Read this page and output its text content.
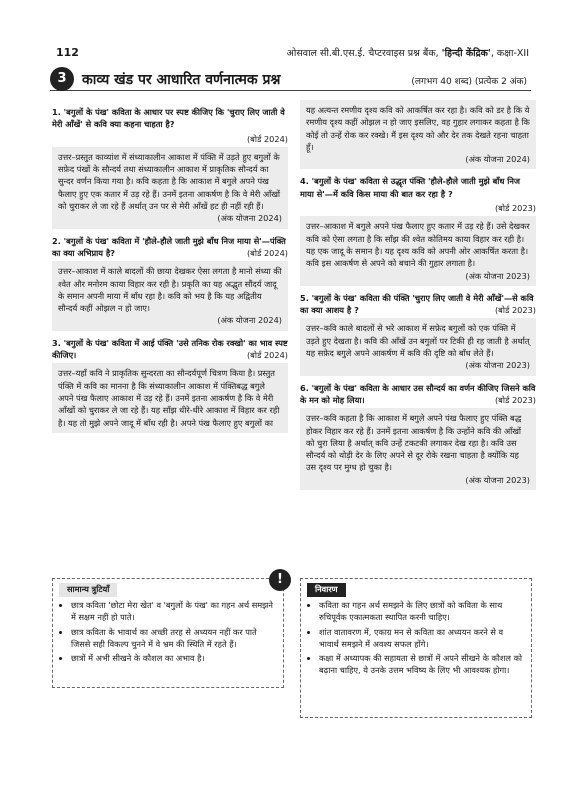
112	ओसवाल सी.बी.एस.ई. चैप्टरवाइस प्रश्न बैंक, 'हिन्दी केंद्रिक', कक्षा-XII
3	काव्य खंड पर आधारित वर्णनात्मक प्रश्न	(लगभग 40 शब्द) (प्रत्येक 2 अंक)
1. 'बगुलों के पंख' कविता के आधार पर स्पष्ट कीजिए कि 'चुराए लिए जाती वे मेरी आँखें' से कवि क्या कहना चाहता है?
(बोर्ड 2024)
उत्तर–प्रस्तुत काव्यांश में संध्याकालीन आकाश में पंक्ति में उड़ते हुए बगुलों के सफ़ेद पंखों के सौन्दर्य तथा संध्याकालीन आकाश में प्राकृतिक सौन्दर्य का सुन्दर वर्णन किया गया है। कवि कहता है कि आकाश में बगुले अपने पंख फैलाए हुए एक कतार में उड़ रहे हैं। उनमें इतना आकर्षण है कि वे मेरी आँखों को चुराकर ले जा रहे हैं अर्थात् उन पर से मेरी आँखें हट ही नहीं रही हैं।
(अंक योजना 2024)
2. 'बगुलों के पंख' कविता में 'हौले-हौले जाती मुझे बाँध निज माया से'—पंक्ति का क्या अभिप्राय है?	(बोर्ड 2024)
उत्तर–आकाश में काले बादलों की छाया देखकर ऐसा लगता है मानो संध्या की श्वेत और मनोरम काया विहार कर रही है। प्रकृति का यह अद्भुत सौंदर्य जादू के समान अपनी माया में बाँध रहा है। कवि को भय है कि यह अद्वितीय सौन्दर्य कहीं ओझल न हो जाए।
(अंक योजना 2024)
3. 'बगुलों के पंख' कविता में आई पंक्ति 'उसे तनिक रोक रक्खो' का भाव स्पष्ट कीजिए।	(बोर्ड 2024)
उत्तर–यहाँ कवि ने प्राकृतिक सुन्दरता का सौन्दर्यपूर्ण चित्रण किया है। प्रस्तुत पंक्ति में कवि का मानना है कि संध्याकालीन आकाश में पंक्तिबद्ध बगुले अपने पंख फैलाए आकाश में उड़ रहे हैं। उनमें इतना आकर्षण है कि वे मेरी आँखों को चुराकर ले जा रहे हैं। यह साँझ धीरे-धीरे आकाश में विहार कर रही है। यह तो मुझे अपने जादू में बाँध रही है। अपने पंख फैलाए हुए बगुलों का
यह अत्यन्त रमणीय दृश्य कवि को आकर्षित कर रहा है। कवि को डर है कि ये रमणीय दृश्य कहीं ओझल न हो जाए इसलिए, वह गुहार लगाकर कहता है कि कोई तो उन्हें रोक कर रक्खे। मैं इस दृश्य को और देर तक देखते रहना चाहता हूँ।
(अंक योजना 2024)
4. 'बगुलों के पंख' कविता से उद्धृत पंक्ति 'हौले-हौले जाती मुझे बाँध निज माया से'—में कवि किस माया की बात कर रहा है ?
(बोर्ड 2023)
उत्तर–आकाश में बगुले अपने पंख फैलाए हुए कतार में उड़ रहे हैं। उसे देखकर कवि को ऐसा लगता है कि साँझ की श्वेत कोतिमय काया विहार कर रही है। यह एक जादू के समान है। यह दृश्य कवि को अपनी ओर आकर्षित करता है। कवि इस आकर्षण से अपने को बचाने की गुहार लगाता है।
(अंक योजना 2023)
5. 'बगुलों के पंख' कविता की पंक्ति 'चुराए लिए जाती वे मेरी आँखें'—से कवि का क्या आशय है ?	(बोर्ड 2023)
उत्तर–कवि काले बादलों से भरे आकाश में सफ़ेद बगुलों को एक पंक्ति में उड़ते हुए देखता है। कवि की आँखें उन बगुलों पर टिकी ही रह जाती है अर्थात् यह सफ़ेद बगुले अपने आकर्षण में कवि की दृष्टि को बाँध लेते हैं।
(अंक योजना 2023)
6. 'बगुलों के पंख' कविता के आधार उस सौन्दर्य का वर्णन कीजिए जिसने कवि के मन को मोह लिया।	(बोर्ड 2023)
उत्तर–कवि कहता है कि आकाश में बगुले अपने पंख फैलाए हुए पंक्ति बद्ध होकर विहार कर रहे हैं। उनमें इतना आकर्षण है कि उन्होंने कवि की आँखों को चुरा लिया है अर्थात् कवि उन्हें टकटकी लगाकर देख रहा है। कवि उस सौन्दर्य को थोड़ी देर के लिए अपने से दूर रोके रखना चाहता है क्योंकि यह उस दृश्य पर मुग्ध हो चुका है।
(अंक योजना 2023)
!
सामान्य त्रुटियाँ
• छात्र कविता 'छोटा मेरा खेत' व 'बगुलों के पंख' का गहन अर्थ समझने में सक्षम नहीं हो पाते।
• छात्र कविता के भावार्थ का अच्छी तरह से अध्ययन नहीं कर पाते जिससे सही विकल्प चुनने में वे भ्रम की स्थिति में रहते हैं।
• छात्रों में अभी सीखने के कौशल का अभाव है।
निवारण
• कविता का गहन अर्थ समझने के लिए छात्रों को कविता के साथ रुचिपूर्वक एकात्मकता स्थापित करनी चाहिए।
• शांत वातावरण में, एकाग्र मन से कविता का अध्ययन करने से व भावार्थ समझने में अवश्य सफल होंगे।
• कक्षा में अध्यापक की सहायता से छात्रों में अपने सीखने के कौशल को बढ़ाना चाहिए, ये उनके उत्तम भविष्य के लिए भी आवश्यक होगा।
